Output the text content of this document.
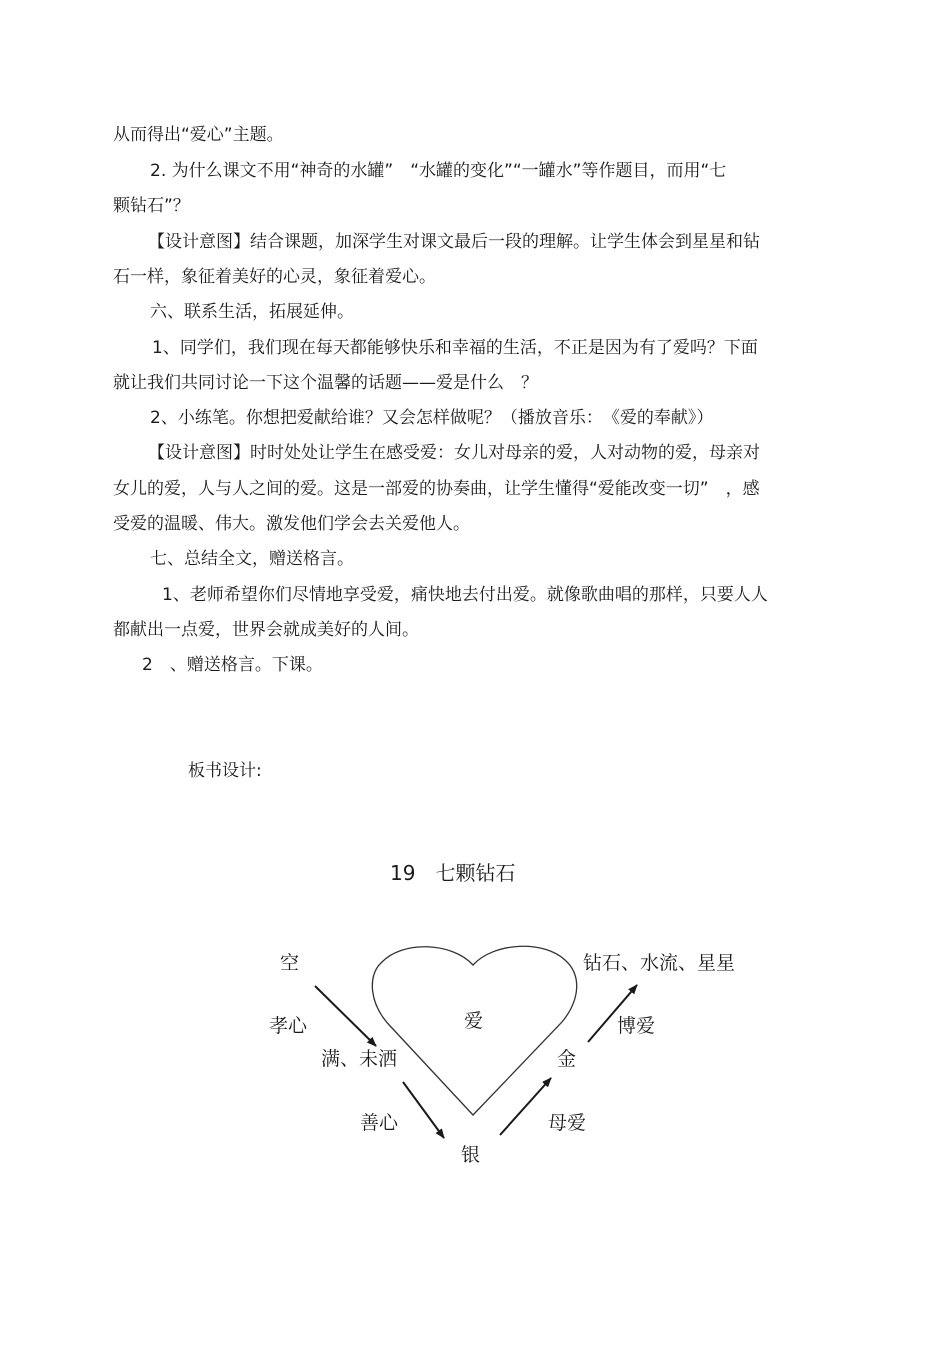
从而得出“爱心”主题。
2. 为什么课文不用“神奇的水罐”　“水罐的变化”“一罐水”等作题目，而用“七
颗钻石”？
【设计意图】结合课题，加深学生对课文最后一段的理解。让学生体会到星星和钻
石一样，象征着美好的心灵，象征着爱心。
六、联系生活，拓展延伸。
1、同学们，我们现在每天都能够快乐和幸福的生活，不正是因为有了爱吗？下面
就让我们共同讨论一下这个温馨的话题——爱是什么　？
2、小练笔。你想把爱献给谁？又会怎样做呢？（播放音乐：　《爱的奉献》）
【设计意图】时时处处让学生在感受爱：女儿对母亲的爱，人对动物的爱，母亲对
女儿的爱，人与人之间的爱。这是一部爱的协奏曲，让学生懂得“爱能改变一切”　，感
受爱的温暖、伟大。激发他们学会去关爱他人。
七、总结全文，赠送格言。
1、老师希望你们尽情地享受爱，痛快地去付出爱。就像歌曲唱的那样，只要人人
都献出一点爱，世界会就成美好的人间。
2　、赠送格言。下课。
板书设计:
19　七颗钻石
空
孝心
满、未洒
善心
银
母爱
金
博爱
钻石、水流、星星
爱
